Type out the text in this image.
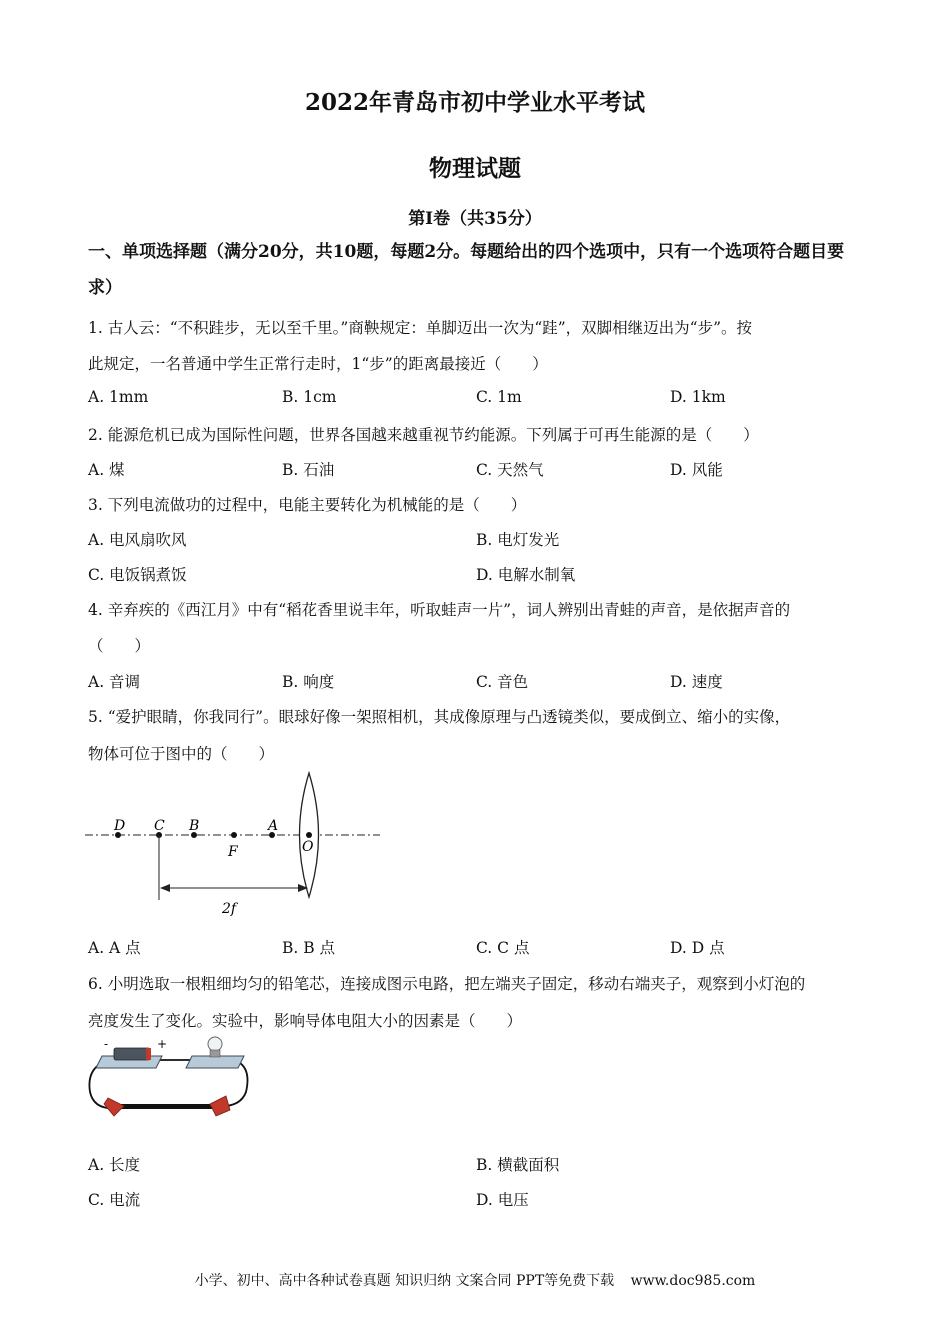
2022年青岛市初中学业水平考试
物理试题
第I卷（共35分）
一、单项选择题（满分20分，共10题，每题2分。每题给出的四个选项中，只有一个选项符合题目要求）
1. 古人云：“不积跬步，无以至千里。”商鞅规定：单脚迈出一次为“跬”，双脚相继迈出为“步”。按
此规定，一名普通中学生正常行走时，1“步”的距离最接近（　　）
A. 1mm	B. 1cm	C. 1m	D. 1km
2. 能源危机已成为国际性问题，世界各国越来越重视节约能源。下列属于可再生能源的是（　　）
A. 煤	B. 石油	C. 天然气	D. 风能
3. 下列电流做功的过程中，电能主要转化为机械能的是（　　）
A. 电风扇吹风	B. 电灯发光
C. 电饭锅煮饭	D. 电解水制氧
4. 辛弃疾的《西江月》中有“稻花香里说丰年，听取蛙声一片”，词人辨别出青蛙的声音，是依据声音的
（　　）
A. 音调	B. 响度	C. 音色	D. 速度
5. “爱护眼睛，你我同行”。眼球好像一架照相机，其成像原理与凸透镜类似，要成倒立、缩小的实像，
物体可位于图中的（　　）
D C B	A
F	O
2f
A. A 点	B. B 点	C. C 点	D. D 点
6. 小明选取一根粗细均匀的铅笔芯，连接成图示电路，把左端夹子固定，移动右端夹子，观察到小灯泡的
亮度发生了变化。实验中，影响导体电阻大小的因素是（　　）
-	+
A. 长度	B. 横截面积
C. 电流	D. 电压
小学、初中、高中各种试卷真题 知识归纳 文案合同 PPT等免费下载 www.doc985.com
